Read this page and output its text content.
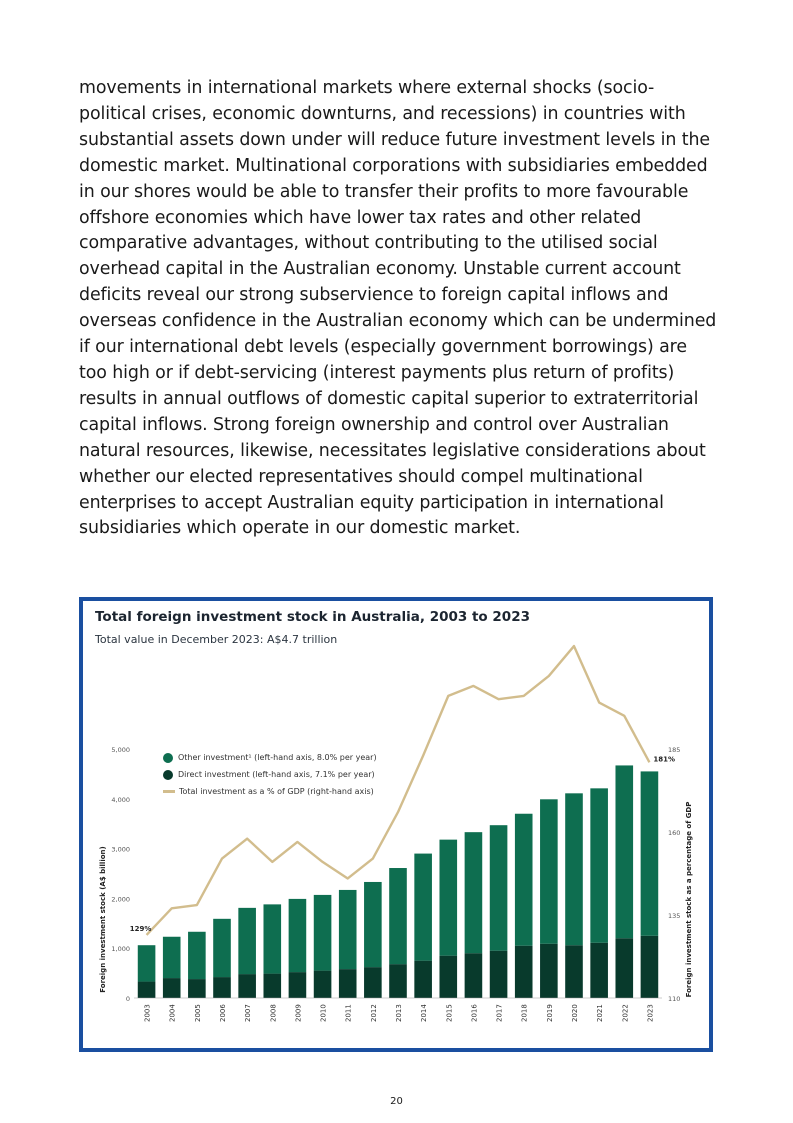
movements in international markets where external shocks (socio-political crises, economic downturns, and recessions) in countries with substantial assets down under will reduce future investment levels in the domestic market. Multinational corporations with subsidiaries embedded in our shores would be able to transfer their profits to more favourable offshore economies which have lower tax rates and other related comparative advantages, without contributing to the utilised social overhead capital in the Australian economy. Unstable current account deficits reveal our strong subservience to foreign capital inflows and overseas confidence in the Australian economy which can be undermined if our international debt levels (especially government borrowings) are too high or if debt-servicing (interest payments plus return of profits) results in annual outflows of domestic capital superior to extraterritorial capital inflows. Strong foreign ownership and control over Australian natural resources, likewise, necessitates legislative considerations about whether our elected representatives should compel multinational enterprises to accept Australian equity participation in international subsidiaries which operate in our domestic market.

Total foreign investment stock in Australia, 2003 to 2023

Total value in December 2023: A$4.7 trillion

0
1,000
2,000
3,000
4,000
5,000
110
135
160
185
Foreign investment stock (A$ billion)	Foreign investment stock as a percentage of GDP
2003 2004 2005 2006 2007 2008 2009 2010 2011 2012 2013 2014 2015 2016 2017 2018 2019 2020 2021 2022 2023
129%
181%
Other investment¹ (left-hand axis, 8.0% per year)
Direct investment (left-hand axis, 7.1% per year)
Total investment as a % of GDP (right-hand axis)
20
